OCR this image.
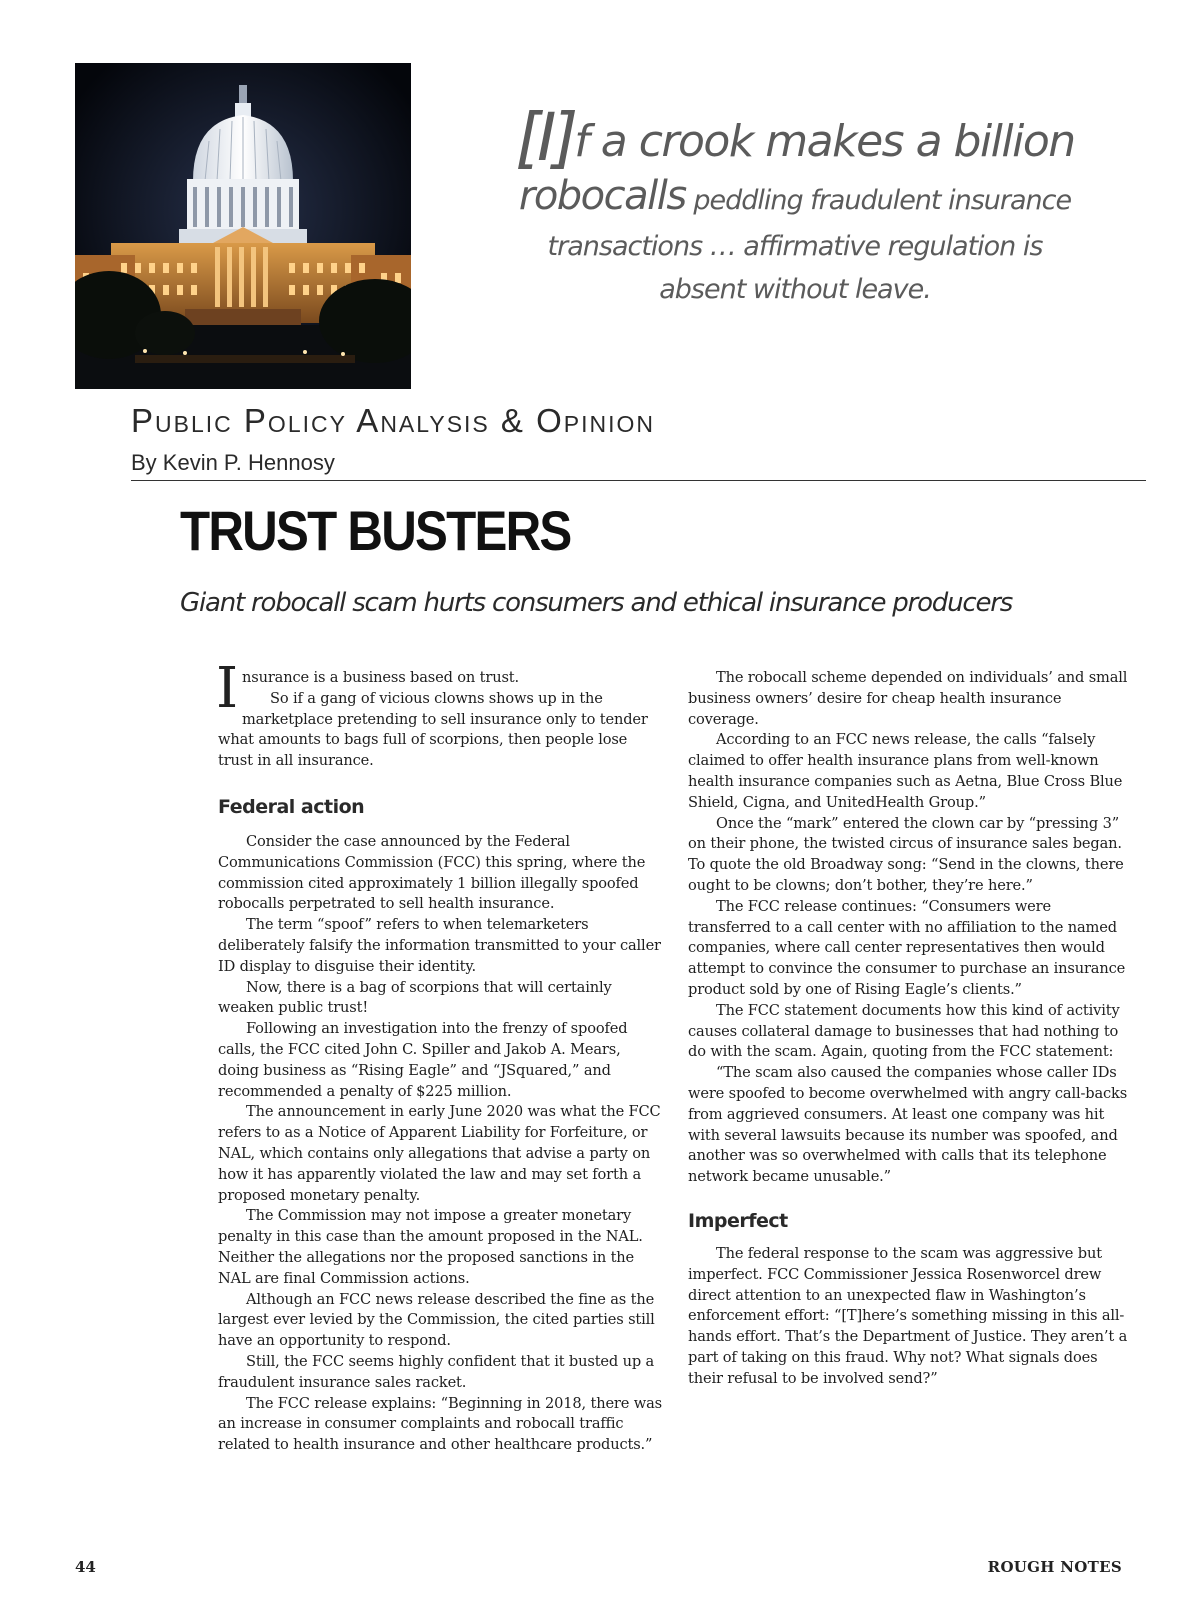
[I]f a crook makes a billion
robocalls peddling fraudulent insurance
transactions … affirmative regulation is
absent without leave.
Public Policy Analysis & Opinion
By Kevin P. Hennosy
TRUST BUSTERS
Giant robocall scam hurts consumers and ethical insurance producers

Insurance is a business based on trust.

So if a gang of vicious clowns shows up in the marketplace pretending to sell insurance only to tender what amounts to bags full of scorpions, then people lose trust in all insurance.

Federal action

Consider the case announced by the Federal Communications Commission (FCC) this spring, where the commission cited approximately 1 billion illegally spoofed robocalls perpetrated to sell health insurance.

The term “spoof” refers to when telemarketers deliberately falsify the information transmitted to your caller ID display to disguise their identity.

Now, there is a bag of scorpions that will certainly weaken public trust!

Following an investigation into the frenzy of spoofed calls, the FCC cited John C. Spiller and Jakob A. Mears, doing business as “Rising Eagle” and “JSquared,” and recommended a penalty of $225 million.

The announcement in early June 2020 was what the FCC refers to as a Notice of Apparent Liability for Forfeiture, or NAL, which contains only allegations that advise a party on how it has apparently violated the law and may set forth a proposed monetary penalty.

The Commission may not impose a greater monetary penalty in this case than the amount proposed in the NAL. Neither the allegations nor the proposed sanctions in the NAL are final Commission actions.

Although an FCC news release described the fine as the largest ever levied by the Commission, the cited parties still have an opportunity to respond.

Still, the FCC seems highly confident that it busted up a fraudulent insurance sales racket.

The FCC release explains: “Beginning in 2018, there was an increase in consumer complaints and robocall traffic related to health insurance and other healthcare products.”

The robocall scheme depended on individuals’ and small business owners’ desire for cheap health insurance coverage.

According to an FCC news release, the calls “falsely claimed to offer health insurance plans from well-known health insurance companies such as Aetna, Blue Cross Blue Shield, Cigna, and UnitedHealth Group.”

Once the “mark” entered the clown car by “pressing 3” on their phone, the twisted circus of insurance sales began. To quote the old Broadway song: “Send in the clowns, there ought to be clowns; don’t bother, they’re here.”

The FCC release continues: “Consumers were transferred to a call center with no affiliation to the named companies, where call center representatives then would attempt to convince the consumer to purchase an insurance product sold by one of Rising Eagle’s clients.”

The FCC statement documents how this kind of activity causes collateral damage to businesses that had nothing to do with the scam. Again, quoting from the FCC statement:

“The scam also caused the companies whose caller IDs were spoofed to become overwhelmed with angry call-backs from aggrieved consumers. At least one company was hit with several lawsuits because its number was spoofed, and another was so overwhelmed with calls that its telephone network became unusable.”

Imperfect

The federal response to the scam was aggressive but imperfect. FCC Commissioner Jessica Rosenworcel drew direct attention to an unexpected flaw in Washington’s enforcement effort: “[T]here’s something missing in this all-hands effort. That’s the Department of Justice. They aren’t a part of taking on this fraud. Why not? What signals does their refusal to be involved send?”

44	ROUGH NOTES
